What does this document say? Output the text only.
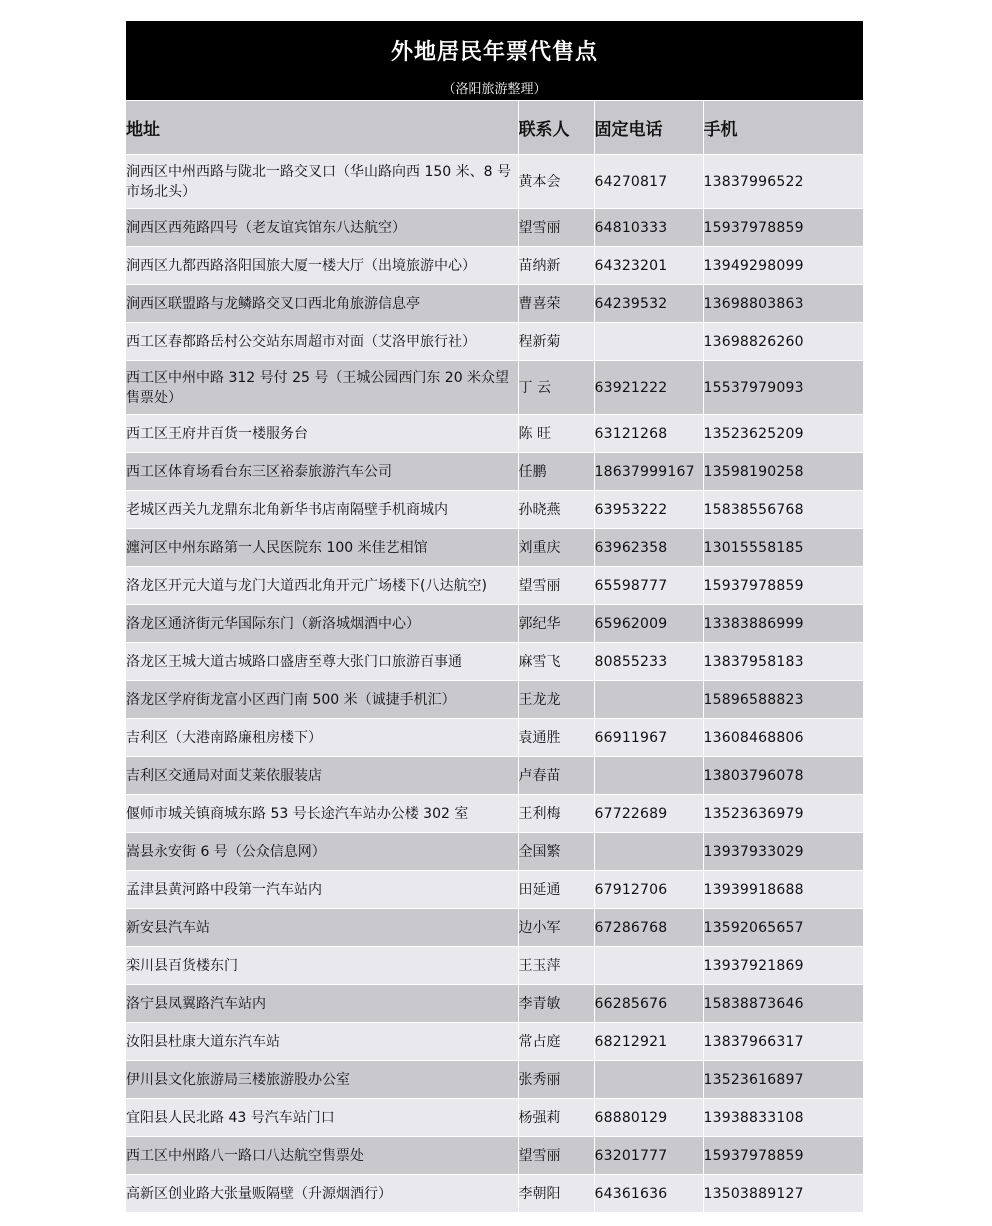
外地居民年票代售点
（洛阳旅游整理）
地址	联系人	固定电话	手机
涧西区中州西路与陇北一路交叉口（华山路向西 150 米、8 号市场北头）	黄本会	64270817	13837996522
涧西区西苑路四号（老友谊宾馆东八达航空）	望雪丽	64810333	15937978859
涧西区九都西路洛阳国旅大厦一楼大厅（出境旅游中心）	苗纳新	64323201	13949298099
涧西区联盟路与龙鳞路交叉口西北角旅游信息亭	曹喜荣	64239532	13698803863
西工区春都路岳村公交站东周超市对面（艾洛甲旅行社）	程新菊		13698826260
西工区中州中路 312 号付 25 号（王城公园西门东 20 米众望售票处）	丁 云	63921222	15537979093
西工区王府井百货一楼服务台	陈 旺	63121268	13523625209
西工区体育场看台东三区裕泰旅游汽车公司	任鹏	18637999167	13598190258
老城区西关九龙鼎东北角新华书店南隔壁手机商城内	孙晓燕	63953222	15838556768
瀍河区中州东路第一人民医院东 100 米佳艺相馆	刘重庆	63962358	13015558185
洛龙区开元大道与龙门大道西北角开元广场楼下(八达航空)	望雪丽	65598777	15937978859
洛龙区通济街元华国际东门（新洛城烟酒中心）	郭纪华	65962009	13383886999
洛龙区王城大道古城路口盛唐至尊大张门口旅游百事通	麻雪飞	80855233	13837958183
洛龙区学府街龙富小区西门南 500 米（诚捷手机汇）	王龙龙		15896588823
吉利区（大港南路廉租房楼下）	袁通胜	66911967	13608468806
吉利区交通局对面艾莱依服装店	卢春苗		13803796078
偃师市城关镇商城东路 53 号长途汽车站办公楼 302 室	王利梅	67722689	13523636979
嵩县永安街 6 号（公众信息网）	全国繁		13937933029
孟津县黄河路中段第一汽车站内	田延通	67912706	13939918688
新安县汽车站	边小军	67286768	13592065657
栾川县百货楼东门	王玉萍		13937921869
洛宁县凤翼路汽车站内	李青敏	66285676	15838873646
汝阳县杜康大道东汽车站	常占庭	68212921	13837966317
伊川县文化旅游局三楼旅游股办公室	张秀丽		13523616897
宜阳县人民北路 43 号汽车站门口	杨强莉	68880129	13938833108
西工区中州路八一路口八达航空售票处	望雪丽	63201777	15937978859
高新区创业路大张量贩隔壁（升源烟酒行）	李朝阳	64361636	13503889127
